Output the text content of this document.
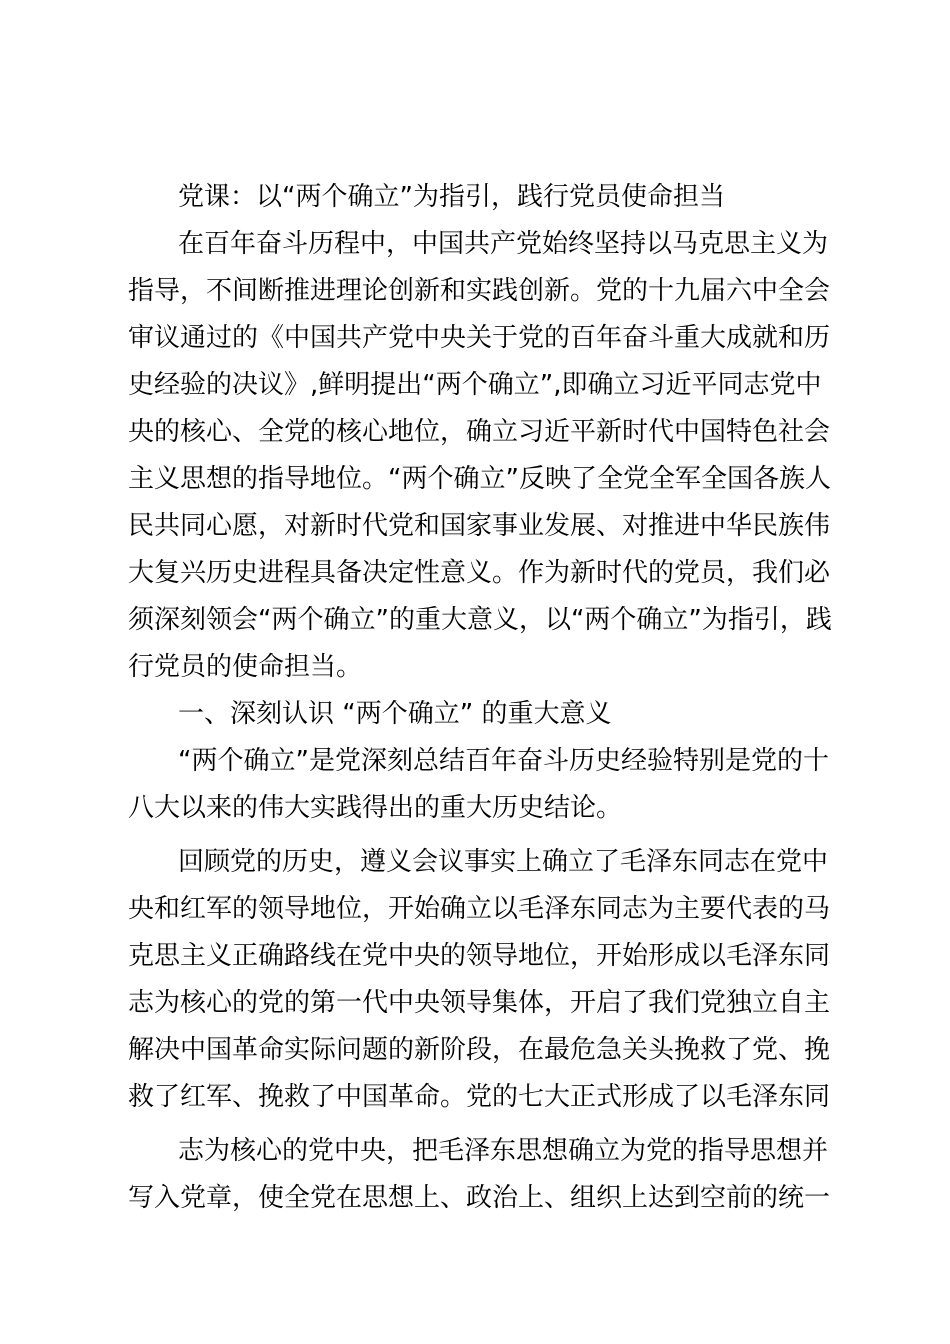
党课：以“两个确立”为指引，践行党员使命担当
在百年奋斗历程中，中国共产党始终坚持以马克思主义为
指导，不间断推进理论创新和实践创新。党的十九届六中全会
审议通过的《中国共产党中央关于党的百年奋斗重大成就和历
史经验的决议》,鲜明提出“两个确立”,即确立习近平同志党中
央的核心、全党的核心地位，确立习近平新时代中国特色社会
主义思想的指导地位。“两个确立”反映了全党全军全国各族人
民共同心愿，对新时代党和国家事业发展、对推进中华民族伟
大复兴历史进程具备决定性意义。作为新时代的党员，我们必
须深刻领会“两个确立”的重大意义，以“两个确立”为指引，践
行党员的使命担当。
一、深刻认识 “两个确立” 的重大意义
“两个确立”是党深刻总结百年奋斗历史经验特别是党的十
八大以来的伟大实践得出的重大历史结论。
回顾党的历史，遵义会议事实上确立了毛泽东同志在党中
央和红军的领导地位，开始确立以毛泽东同志为主要代表的马
克思主义正确路线在党中央的领导地位，开始形成以毛泽东同
志为核心的党的第一代中央领导集体，开启了我们党独立自主
解决中国革命实际问题的新阶段，在最危急关头挽救了党、挽
救了红军、挽救了中国革命。党的七大正式形成了以毛泽东同
志为核心的党中央，把毛泽东思想确立为党的指导思想并
写入党章，使全党在思想上、政治上、组织上达到空前的统一
